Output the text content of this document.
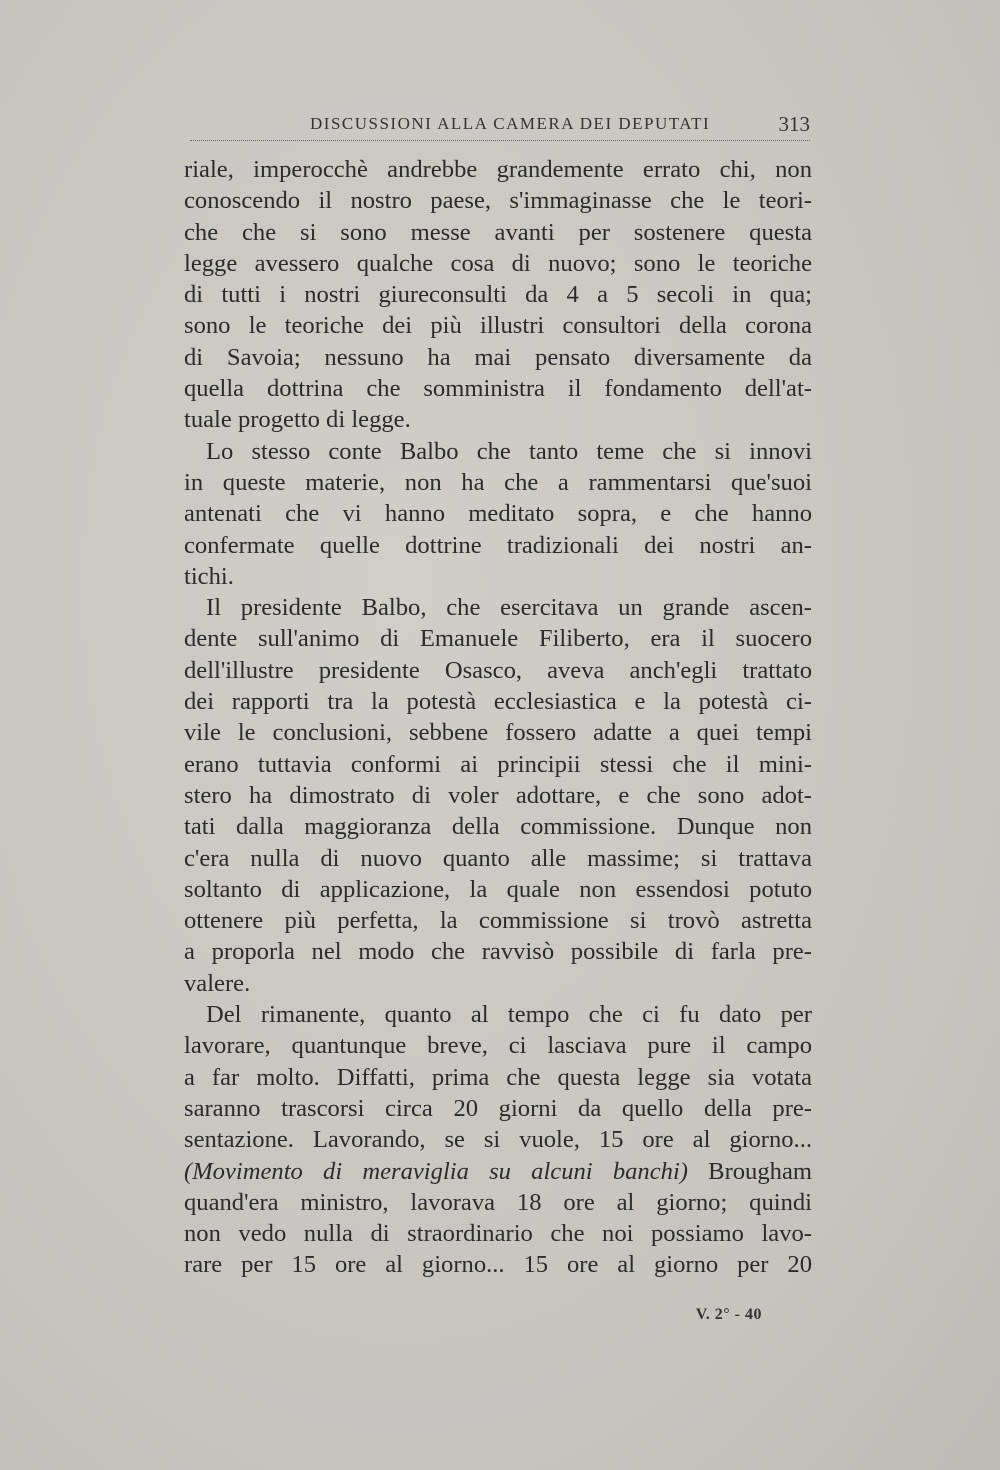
DISCUSSIONI ALLA CAMERA DEI DEPUTATI	313
riale, imperocchè andrebbe grandemente errato chi, non
conoscendo il nostro paese, s'immaginasse che le teori-
che che si sono messe avanti per sostenere questa
legge avessero qualche cosa di nuovo; sono le teoriche
di tutti i nostri giureconsulti da 4 a 5 secoli in qua;
sono le teoriche dei più illustri consultori della corona
di Savoia; nessuno ha mai pensato diversamente da
quella dottrina che somministra il fondamento dell'at-
tuale progetto di legge.
Lo stesso conte Balbo che tanto teme che si innovi
in queste materie, non ha che a rammentarsi que'suoi
antenati che vi hanno meditato sopra, e che hanno
confermate quelle dottrine tradizionali dei nostri an-
tichi.
Il presidente Balbo, che esercitava un grande ascen-
dente sull'animo di Emanuele Filiberto, era il suocero
dell'illustre presidente Osasco, aveva anch'egli trattato
dei rapporti tra la potestà ecclesiastica e la potestà ci-
vile le conclusioni, sebbene fossero adatte a quei tempi
erano tuttavia conformi ai principii stessi che il mini-
stero ha dimostrato di voler adottare, e che sono adot-
tati dalla maggioranza della commissione. Dunque non
c'era nulla di nuovo quanto alle massime; si trattava
soltanto di applicazione, la quale non essendosi potuto
ottenere più perfetta, la commissione si trovò astretta
a proporla nel modo che ravvisò possibile di farla pre-
valere.
Del rimanente, quanto al tempo che ci fu dato per
lavorare, quantunque breve, ci lasciava pure il campo
a far molto. Diffatti, prima che questa legge sia votata
saranno trascorsi circa 20 giorni da quello della pre-
sentazione. Lavorando, se si vuole, 15 ore al giorno...
(Movimento di meraviglia su alcuni banchi) Brougham
quand'era ministro, lavorava 18 ore al giorno; quindi
non vedo nulla di straordinario che noi possiamo lavo-
rare per 15 ore al giorno... 15 ore al giorno per 20
V. 2° - 40
